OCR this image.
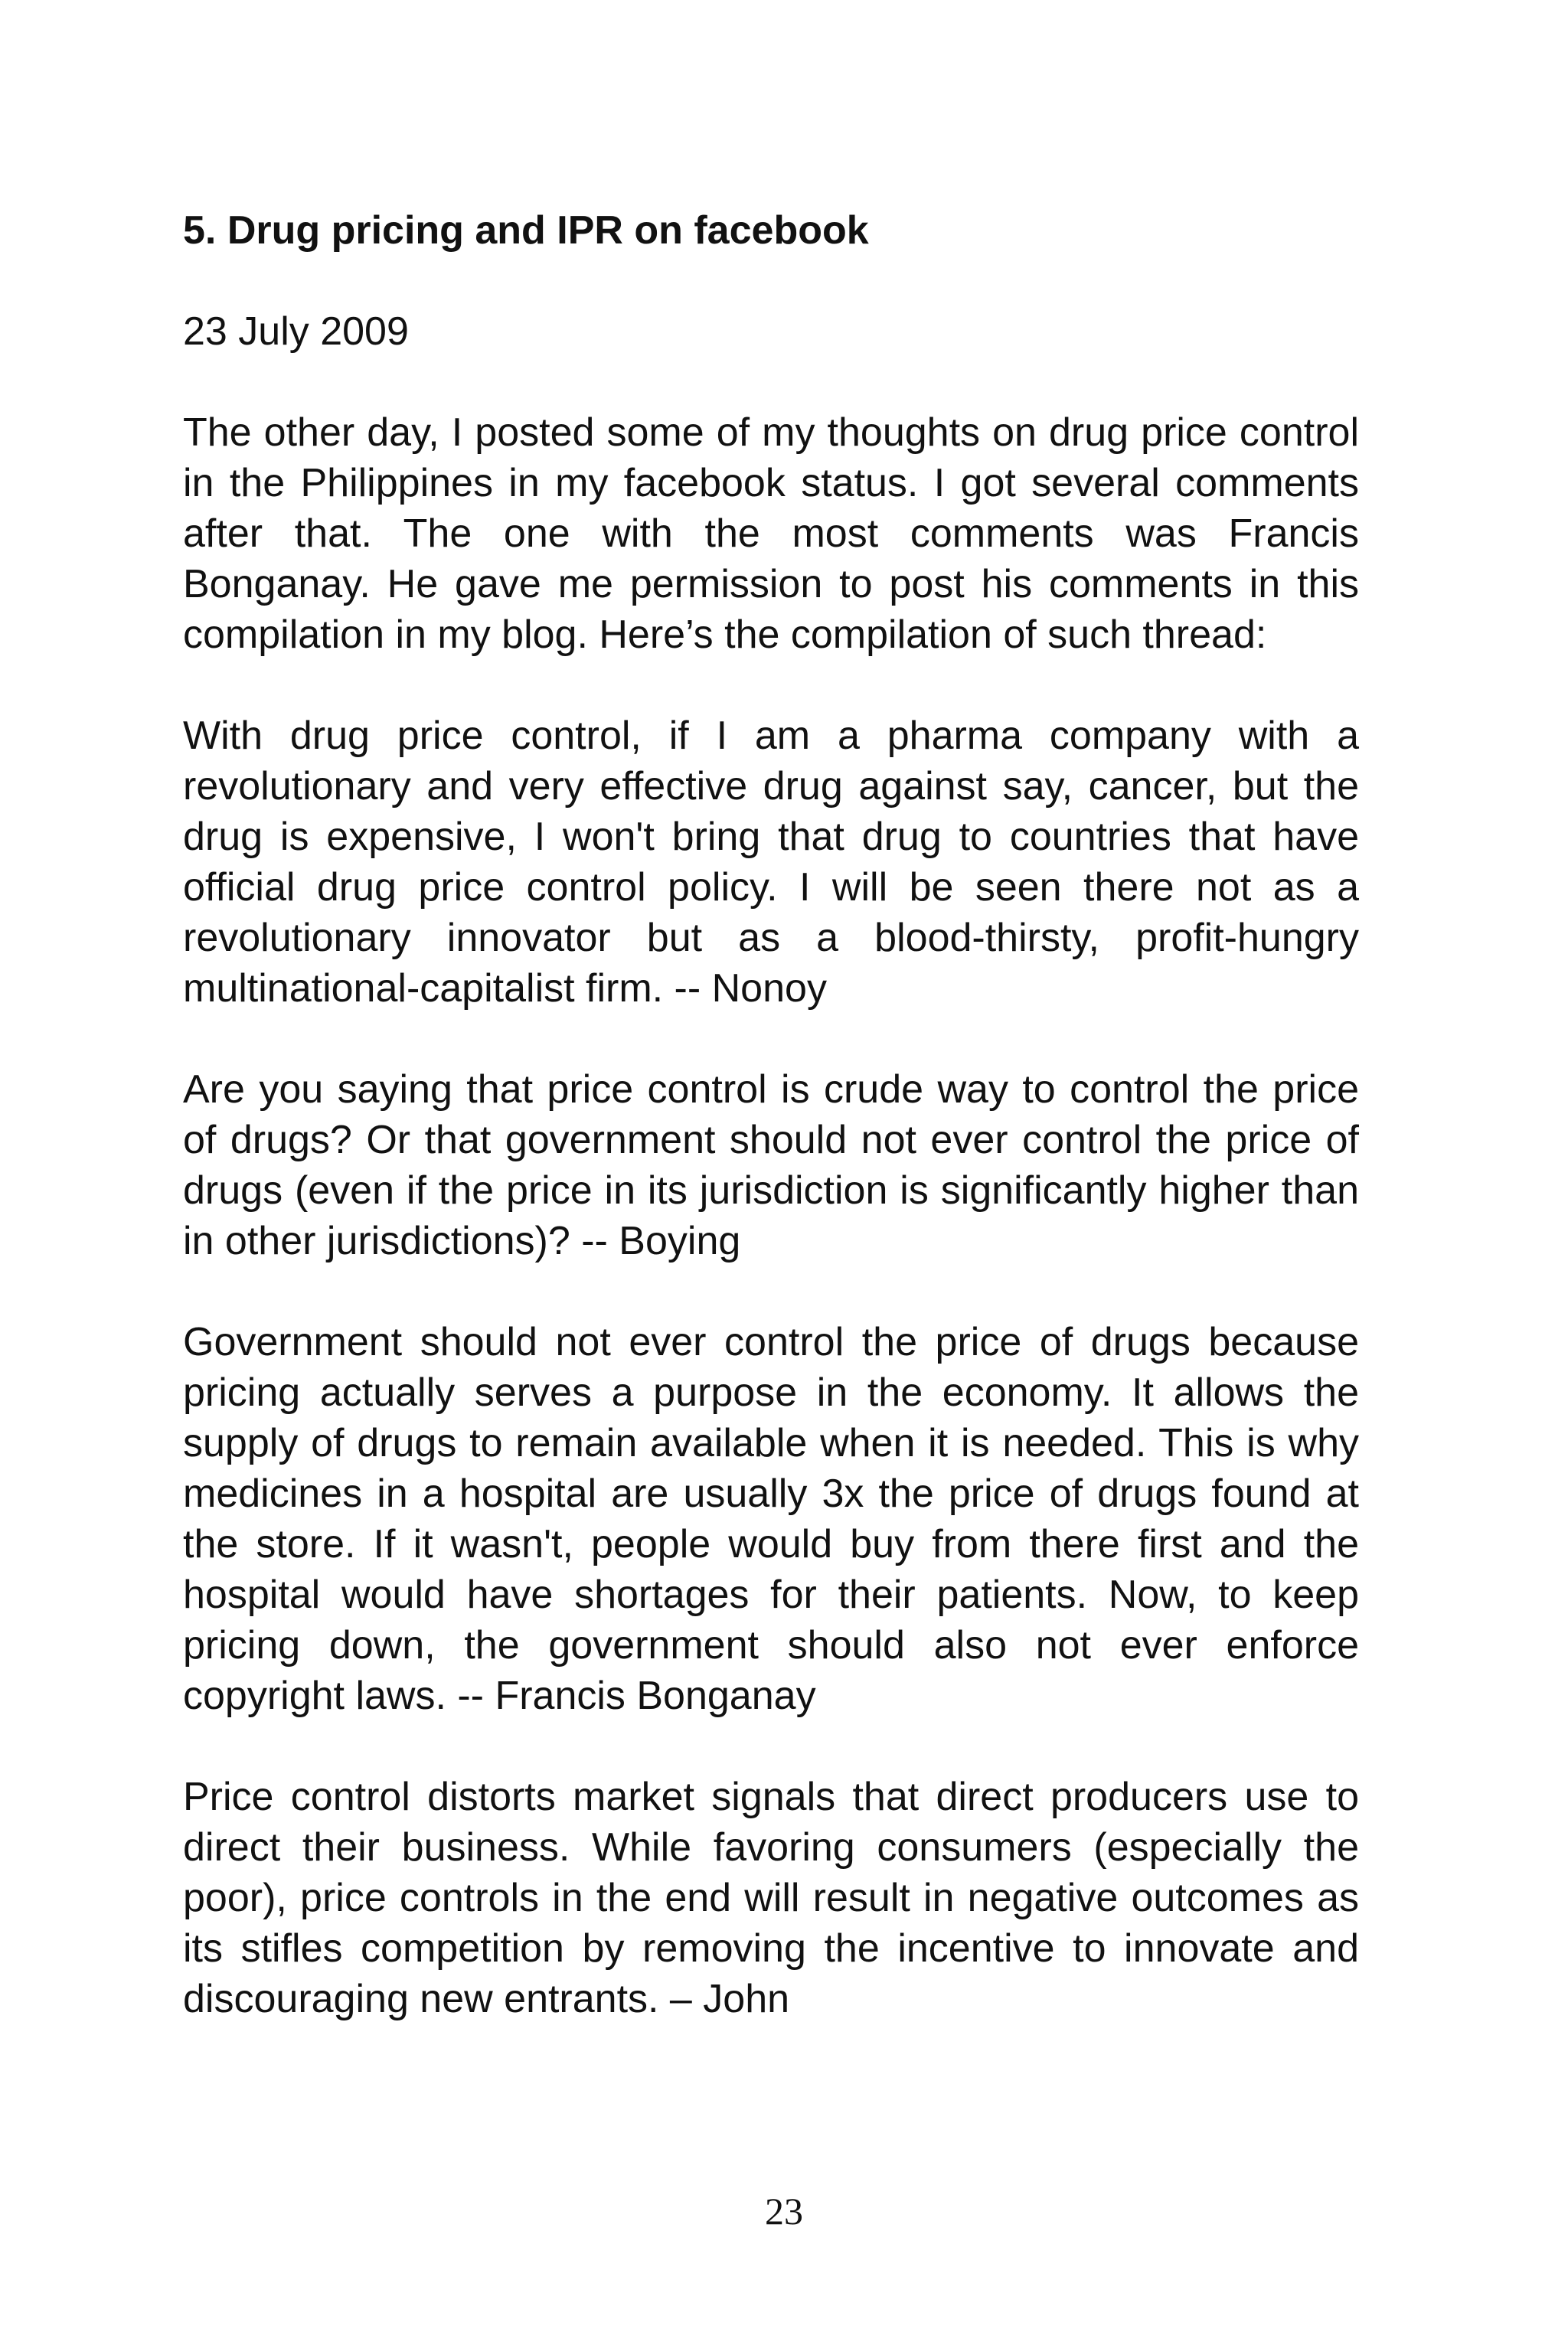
5. Drug pricing and IPR on facebook
23 July 2009

The other day, I posted some of my thoughts on drug price control in the Philippines in my facebook status. I got several comments after that. The one with the most comments was Francis Bonganay. He gave me permission to post his comments in this compilation in my blog. Here’s the compilation of such thread:

With drug price control, if I am a pharma company with a revolutionary and very effective drug against say, cancer, but the drug is expensive, I won't bring that drug to countries that have official drug price control policy. I will be seen there not as a revolutionary innovator but as a blood-thirsty, profit-hungry multinational-capitalist firm. -- Nonoy

Are you saying that price control is crude way to control the price of drugs? Or that government should not ever control the price of drugs (even if the price in its jurisdiction is significantly higher than in other jurisdictions)? -- Boying

Government should not ever control the price of drugs because pricing actually serves a purpose in the economy. It allows the supply of drugs to remain available when it is needed. This is why medicines in a hospital are usually 3x the price of drugs found at the store. If it wasn't, people would buy from there first and the hospital would have shortages for their patients. Now, to keep pricing down, the government should also not ever enforce copyright laws. -- Francis Bonganay

Price control distorts market signals that direct producers use to direct their business. While favoring consumers (especially the poor), price controls in the end will result in negative outcomes as its stifles competition by removing the incentive to innovate and discouraging new entrants. – John

23
